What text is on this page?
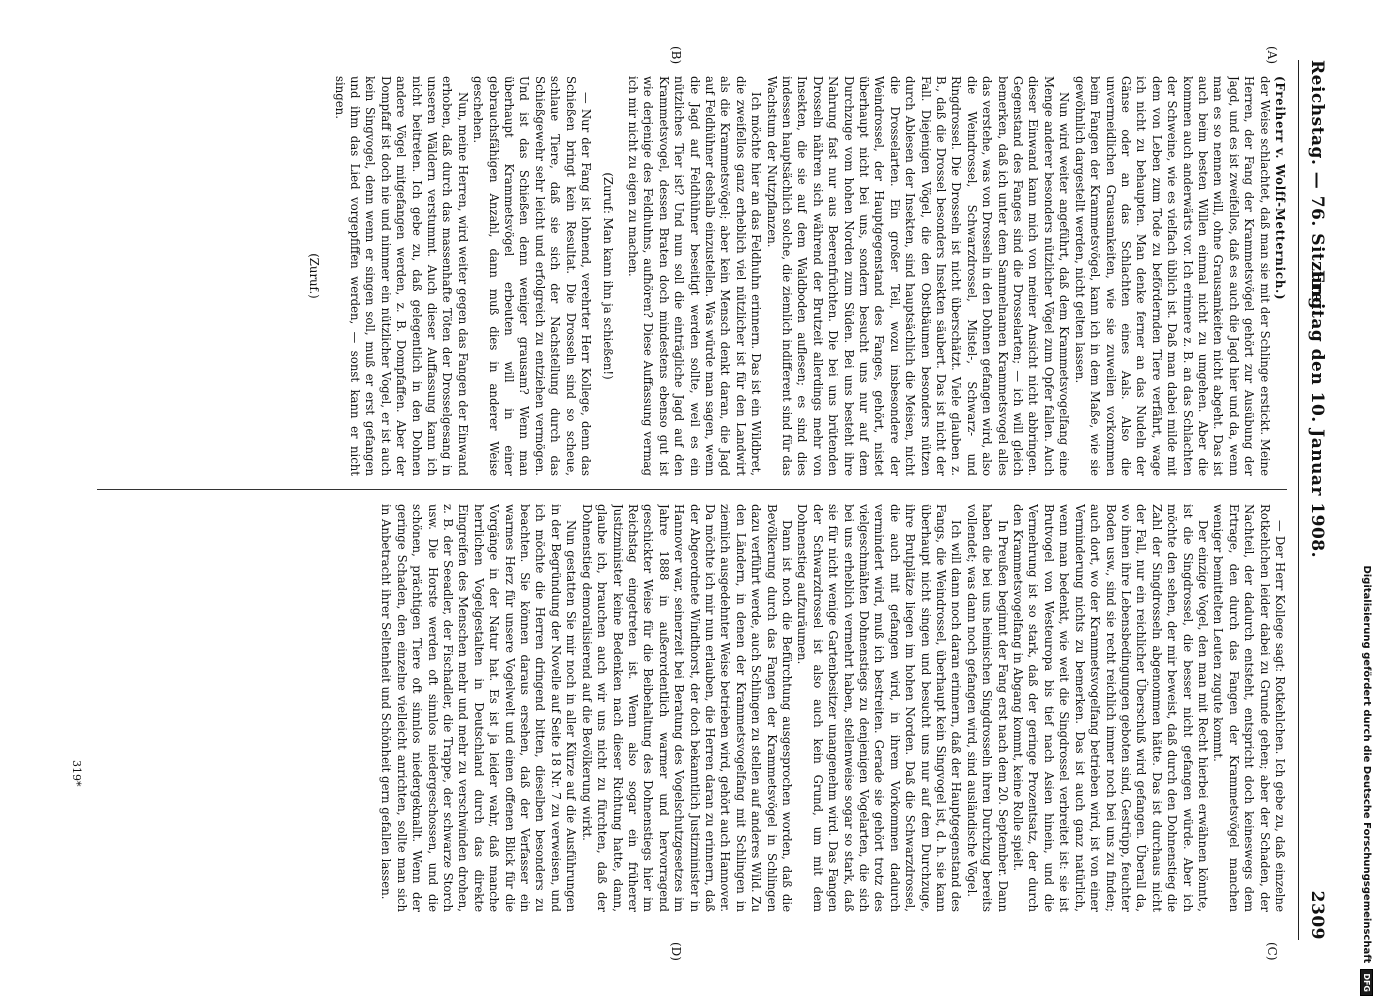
Reichstag. — 76. Sitzung.
Freitag den 10. Januar 1908.
2309
(A)
(B)
(C)
(D)

(Freiherr v. Wolff-Metternich.)

der Weise schlachtet, daß man sie mit der Schlinge erstickt. Meine Herren, der Fang der Krammetsvögel gehört zur Ausübung der Jagd, und es ist zweifellos, daß es auch die Jagd hier und da, wenn man es so nennen will, ohne Grausamkeiten nicht abgeht. Das ist auch beim besten Willen einmal nicht zu umgehen. Aber die kommen auch anderwärts vor. Ich erinnere z. B. an das Schlachten der Schweine, wie es vielfach üblich ist. Daß man dabei milde mit dem von Leben zum Tode zu befördernden Tiere verfährt, wage ich nicht zu behaupten. Man denke ferner an das Nudeln der Gänse oder an das Schlachten eines Aals. Also die unvermeidlichen Grausamkeiten, wie sie zuweilen vorkommen beim Fangen der Krammetsvögel, kann ich in dem Maße, wie sie gewöhnlich dargestellt werden, nicht gelten lassen.

Nun wird weiter angeführt, daß dem Krammetsvogelfang eine Menge anderer besonders nützlicher Vögel zum Opfer fallen. Auch dieser Einwand kann mich von meiner Ansicht nicht abbringen. Gegenstand des Fanges sind die Drosselarten; — ich will gleich bemerken, daß ich unter dem Sammelnamen Krammetsvogel alles das verstehe, was von Drosseln in den Dohnen gefangen wird, also die Weindrossel, Schwarzdrossel, Mistel-, Schwarz- und Ringdrossel. Die Drosseln ist nicht überschätzt. Viele glauben z. B., daß die Drossel besonders Insekten säubert. Das ist nicht der Fall. Diejenigen Vögel, die den Obstbäumen besonders nützen durch Ablesen der Insekten, sind hauptsächlich die Meisen, nicht die Drosselarten. Ein großer Teil, wozu insbesondere der Weindrossel, der Hauptgegenstand des Fanges, gehört, nistet überhaupt nicht bei uns, sondern besucht uns nur auf dem Durchzuge vom hohen Norden zum Süden. Bei uns besteht ihre Nahrung fast nur aus Beerenfrüchten. Die bei uns brütenden Drosseln nähren sich während der Brutzeit allerdings mehr von Insekten, die sie auf dem Waldboden auflesen; es sind dies indessen hauptsächlich solche, die ziemlich indifferent sind für das Wachstum der Nutzpflanzen.

Ich möchte hier an das Feldhuhn erinnern. Das ist ein Wildbret, die zweifellos ganz erheblich viel nützlicher ist für den Landwirt als die Krammetsvögel; aber kein Mensch denkt daran, die Jagd auf Feldhühner deshalb einzustellen. Was würde man sagen, wenn die Jagd auf Feldhühner beseitigt werden sollte, weil es ein nützliches Tier ist? Und nun soll die einträgliche Jagd auf den Krammetsvogel, dessen Braten doch mindestens ebenso gut ist wie derjenige des Feldhuhns, aufhören? Diese Auffassung vermag ich mir nicht zu eigen zu machen.

(Zuruf: Man kann ihn ja schießen!)

— Nur der Fang ist lohnend, verehrter Herr Kollege, denn das Schießen bringt kein Resultat. Die Drosseln sind so scheue, schlaue Tiere, daß sie sich der Nachstellung durch das Schießgewehr sehr leicht und erfolgreich zu entziehen vermögen. Und ist das Schießen denn weniger grausam? Wenn man überhaupt Krammetsvögel erbeuten will in einer gebrauchsfähigen Anzahl, dann muß dies in anderer Weise geschehen.

Nun, meine Herren, wird weiter gegen das Fangen der Einwand erhoben, daß durch das massenhafte Töten der Drosselgesang in unseren Wäldern verstummt. Auch dieser Auffassung kann ich nicht beitreten. Ich gebe zu, daß gelegentlich in den Dohnen andere Vögel mitgefangen werden, z. B. Dompfaffen. Aber der Dompfaff ist doch nie und nimmer ein nützlicher Vogel, er ist auch kein Singvogel, denn wenn er singen soll, muß er erst gefangen und ihm das Lied vorgepfiffen werden, — sonst kann er nicht singen.

(Zuruf.)

— Der Herr Kollege sagt: Rotkehlchen. Ich gebe zu, daß einzelne Rotkehlchen leider dabei zu Grunde gehen; aber der Schaden, der Nachteil, der dadurch entsteht, entspricht doch keineswegs dem Ertrage, den durch das Fangen der Krammetsvögel manchen weniger bemittelten Leuten zugute kommt.

Der einzige Vogel, den man mit Recht hierbei erwähnen könnte, ist die Singdrossel, die besser nicht gefangen würde. Aber ich möchte den sehen, der mir beweist, daß durch den Dohnenstieg die Zahl der Singdrosseln abgenommen hätte. Das ist durchaus nicht der Fall, nur ein reichlicher Überschuß wird gefangen. Überall da, wo ihnen ihre Lebensbedingungen geboten sind, Gestrüpp, feuchter Boden usw., sind sie recht reichlich immer noch bei uns zu finden; auch dort, wo der Krammetsvogelfang betrieben wird, ist von einer Verminderung nichts zu bemerken. Das ist auch ganz natürlich, wenn man bedenkt, wie weit die Singdrossel verbreitet ist: sie ist Brutvogel von Westeuropa bis tief nach Asien hinein, und die Vermehrung ist so stark, daß der geringe Prozentsatz, der durch den Krammetsvogelfang in Abgang kommt, keine Rolle spielt.

In Preußen beginnt der Fang erst nach dem 20. September. Dann haben die bei uns heimischen Singdrosseln ihren Durchzug bereits vollendet; was dann noch gefangen wird, sind ausländische Vögel.

Ich will dann noch daran erinnern, daß der Hauptgegenstand des Fangs, die Weindrossel, überhaupt kein Singvogel ist, d. h. sie kann überhaupt nicht singen und besucht uns nur auf dem Durchzuge, ihre Brutplätze liegen im hohen Norden. Daß die Schwarzdrossel, die auch mit gefangen wird, in ihrem Vorkommen dadurch vermindert wird, muß ich bestreiten. Gerade sie gehört trotz des vielgeschmähten Dohnenstiegs zu denjenigen Vogelarten, die sich bei uns erheblich vermehrt haben, stellenweise sogar so stark, daß sie für nicht wenige Gartenbesitzer unangenehm wird. Das Fangen der Schwarzdrossel ist also auch kein Grund, um mit dem Dohnenstieg aufzuräumen.

Dann ist noch die Befürchtung ausgesprochen worden, daß die Bevölkerung durch das Fangen der Krammetsvögel in Schlingen dazu verführt werde, auch Schlingen zu stellen auf anderes Wild. Zu den Ländern, in denen der Krammetsvogelfang mit Schlingen in ziemlich ausgedehnter Weise betrieben wird, gehört auch Hannover. Da möchte ich mir nun erlauben, die Herren daran zu erinnern, daß der Abgeordnete Windthorst, der doch bekanntlich Justizminister in Hannover war, seinerzeit bei Beratung des Vogelschutzgesetzes im Jahre 1888 in außerordentlich warmer und hervorragend geschickter Weise für die Beibehaltung des Dohnenstiegs hier im Reichstag eingetreten ist. Wenn also sogar ein früherer Justizminister keine Bedenken nach dieser Richtung hatte, dann, glaube ich, brauchen auch wir uns nicht zu fürchten, daß der Dohnenstieg demoralisierend auf die Bevölkerung wirkt.

Nun gestatten Sie mir noch in aller Kürze auf die Ausführungen in der Begründung der Novelle auf Seite 18 Nr. 7 zu verweisen, und ich möchte die Herren dringend bitten, dieselben besonders zu beachten. Sie können daraus ersehen, daß der Verfasser ein warmes Herz für unsere Vogelwelt und einen offenen Blick für die Vorgänge in der Natur hat. Es ist ja leider wahr, daß manche herrlichen Vogelgestalten in Deutschland durch das direkte Eingreifen des Menschen mehr und mehr zu verschwinden drohen, z. B. der Seeadler, der Fischadler, die Trappe, der schwarze Storch usw. Die Horste werden oft sinnlos niedergeschossen, und die schönen, prächtigen Tiere oft sinnlos niedergeknallt. Wenn der geringe Schaden, den einzelne vielleicht anrichten, sollte man sich in Anbetracht ihrer Seltenheit und Schönheit gern gefallen lassen.

319*	Digitalisierung gefördert durch die Deutsche ForschungsgemeinschaftDFG
